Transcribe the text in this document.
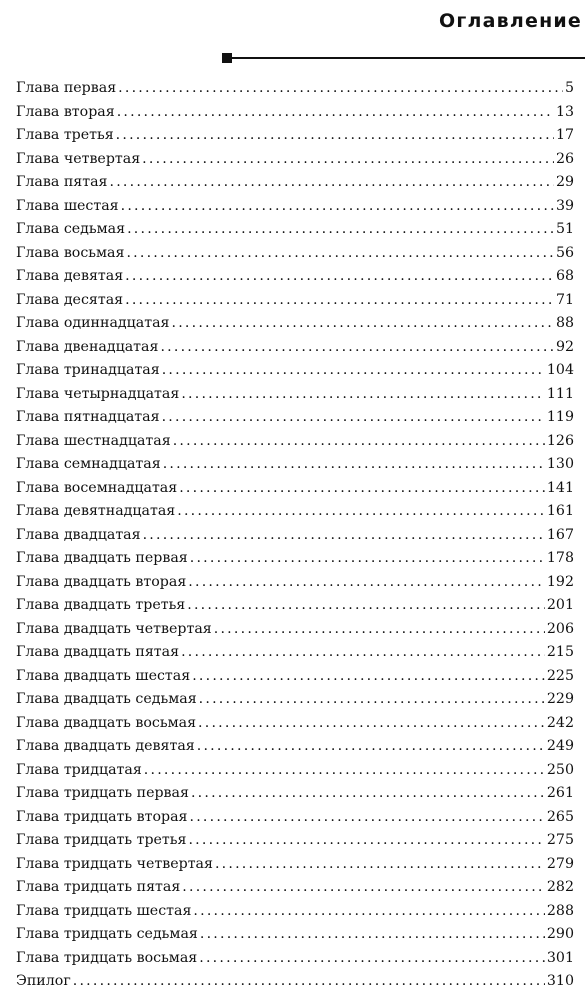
Оглавление
Глава первая .....	5
Глава вторая .....	13
Глава третья .....	17
Глава четвертая .....	26
Глава пятая .....	29
Глава шестая .....	39
Глава седьмая .....	51
Глава восьмая .....	56
Глава девятая .....	68
Глава десятая .....	71
Глава одиннадцатая .....	88
Глава двенадцатая .....	92
Глава тринадцатая .....	104
Глава четырнадцатая .....	111
Глава пятнадцатая .....	119
Глава шестнадцатая .....	126
Глава семнадцатая .....	130
Глава восемнадцатая .....	141
Глава девятнадцатая .....	161
Глава двадцатая .....	167
Глава двадцать первая .....	178
Глава двадцать вторая .....	192
Глава двадцать третья .....	201
Глава двадцать четвертая .....	206
Глава двадцать пятая .....	215
Глава двадцать шестая .....	225
Глава двадцать седьмая .....	229
Глава двадцать восьмая .....	242
Глава двадцать девятая .....	249
Глава тридцатая .....	250
Глава тридцать первая .....	261
Глава тридцать вторая .....	265
Глава тридцать третья .....	275
Глава тридцать четвертая .....	279
Глава тридцать пятая .....	282
Глава тридцать шестая .....	288
Глава тридцать седьмая .....	290
Глава тридцать восьмая .....	301
Эпилог .....	310
